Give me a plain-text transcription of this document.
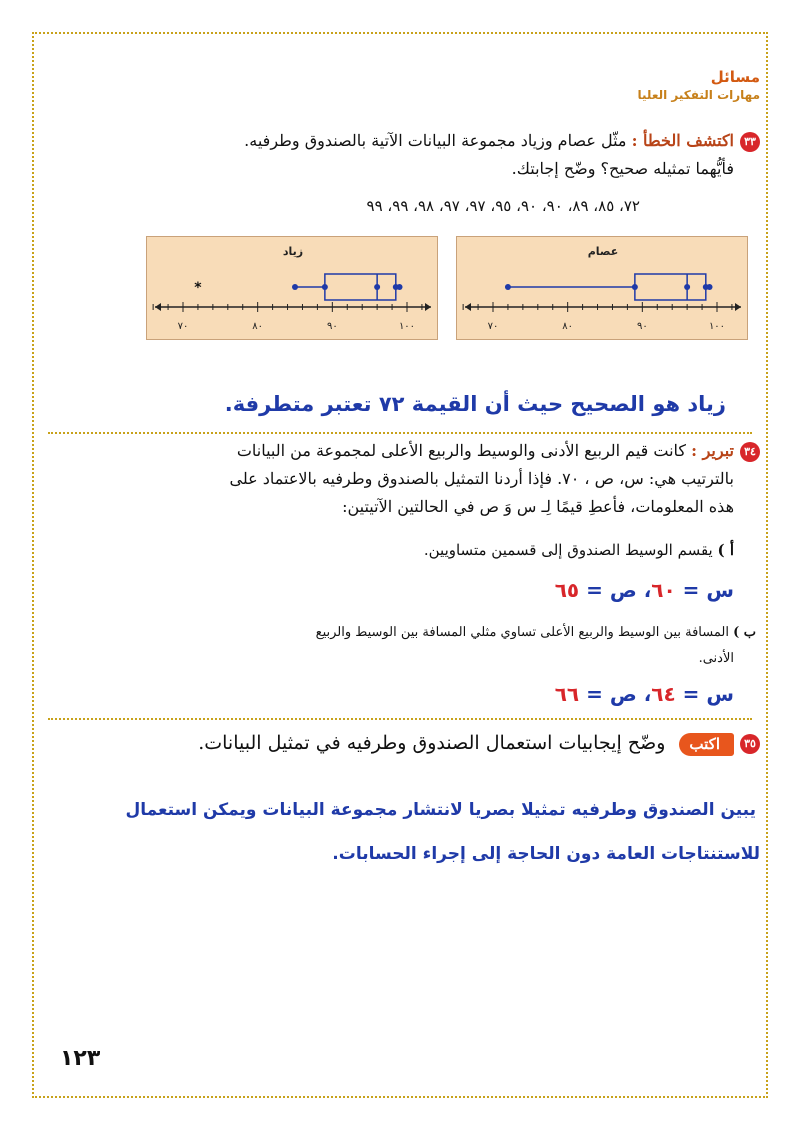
مسائل
مهارات التفكير العليا
٣٣اكتشف الخطأ : مثّل عصام وزياد مجموعة البيانات الآتية بالصندوق وطرفيه.
فأيُّهما تمثيله صحيح؟ وضّح إجابتك.
٧٢، ٨٥، ٨٩، ٩٠، ٩٠، ٩٥، ٩٧، ٩٧، ٩٨، ٩٩، ٩٩
عصام
٧٠	٨٠	٩٠	١٠٠
زياد
٧٠	٨٠	٩٠	١٠٠
*
زياد هو الصحيح حيث أن القيمة ٧٢ تعتبر متطرفة.
٣٤تبرير : كانت قيم الربيع الأدنى والوسيط والربيع الأعلى لمجموعة من البيانات
بالترتيب هي: س، ص ، ٧٠. فإذا أردنا التمثيل بالصندوق وطرفيه بالاعتماد على
هذه المعلومات، فأعطِ قيمًا لِـ س وَ ص في الحالتين الآتيتين:
أ ) يقسم الوسيط الصندوق إلى قسمين متساويين.
س = ٦٠، ص = ٦٥
ب ) المسافة بين الوسيط والربيع الأعلى تساوي مثلي المسافة بين الوسيط والربيع
الأدنى.
س = ٦٤، ص = ٦٦
٣٥اكتب وضّح إيجابيات استعمال الصندوق وطرفيه في تمثيل البيانات.
يبين الصندوق وطرفيه تمثيلا بصريا لانتشار مجموعة البيانات ويمكن استعمال
للاستنتاجات العامة دون الحاجة إلى إجراء الحسابات.
١٢٣
